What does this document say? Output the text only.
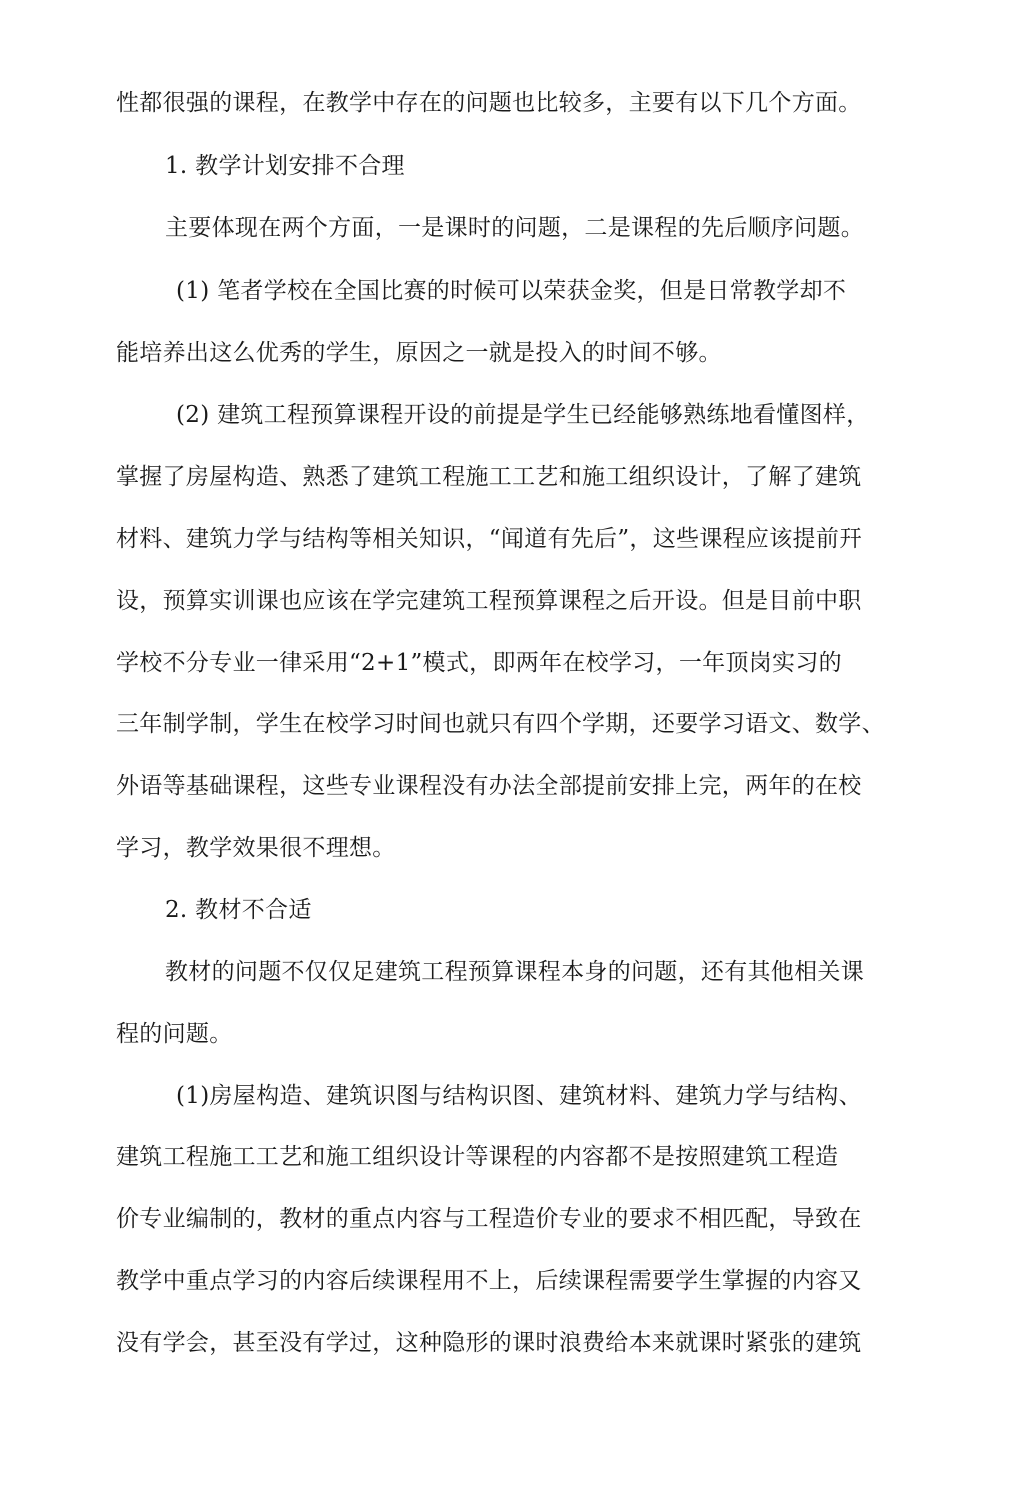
性都很强的课程，在教学中存在的问题也比较多，主要有以下几个方面。
1. 教学计划安排不合理
主要体现在两个方面，一是课时的问题，二是课程的先后顺序问题。
(1) 笔者学校在全国比赛的时候可以荣获金奖，但是日常教学却不
能培养出这么优秀的学生，原因之一就是投入的时间不够。
(2) 建筑工程预算课程开设的前提是学生已经能够熟练地看懂图样，
掌握了房屋构造、熟悉了建筑工程施工工艺和施工组织设计，了解了建筑
材料、建筑力学与结构等相关知识，“闻道有先后”，这些课程应该提前幵
设，预算实训课也应该在学完建筑工程预算课程之后开设。但是目前中职
学校不分专业一律采用“2+1”模式，即两年在校学习，一年顶岗实习的
三年制学制，学生在校学习时间也就只有四个学期，还要学习语文、数学、
外语等基础课程，这些专业课程没有办法全部提前安排上完，两年的在校
学习，教学效果很不理想。
2. 教材不合适
教材的问题不仅仅足建筑工程预算课程本身的问题，还有其他相关课
程的问题。
(1)房屋构造、建筑识图与结构识图、建筑材料、建筑力学与结构、
建筑工程施工工艺和施工组织设计等课程的内容都不是按照建筑工程造
价专业编制的，教材的重点内容与工程造价专业的要求不相匹配，导致在
教学中重点学习的内容后续课程用不上，后续课程需要学生掌握的内容又
没有学会，甚至没有学过，这种隐形的课时浪费给本来就课时紧张的建筑
